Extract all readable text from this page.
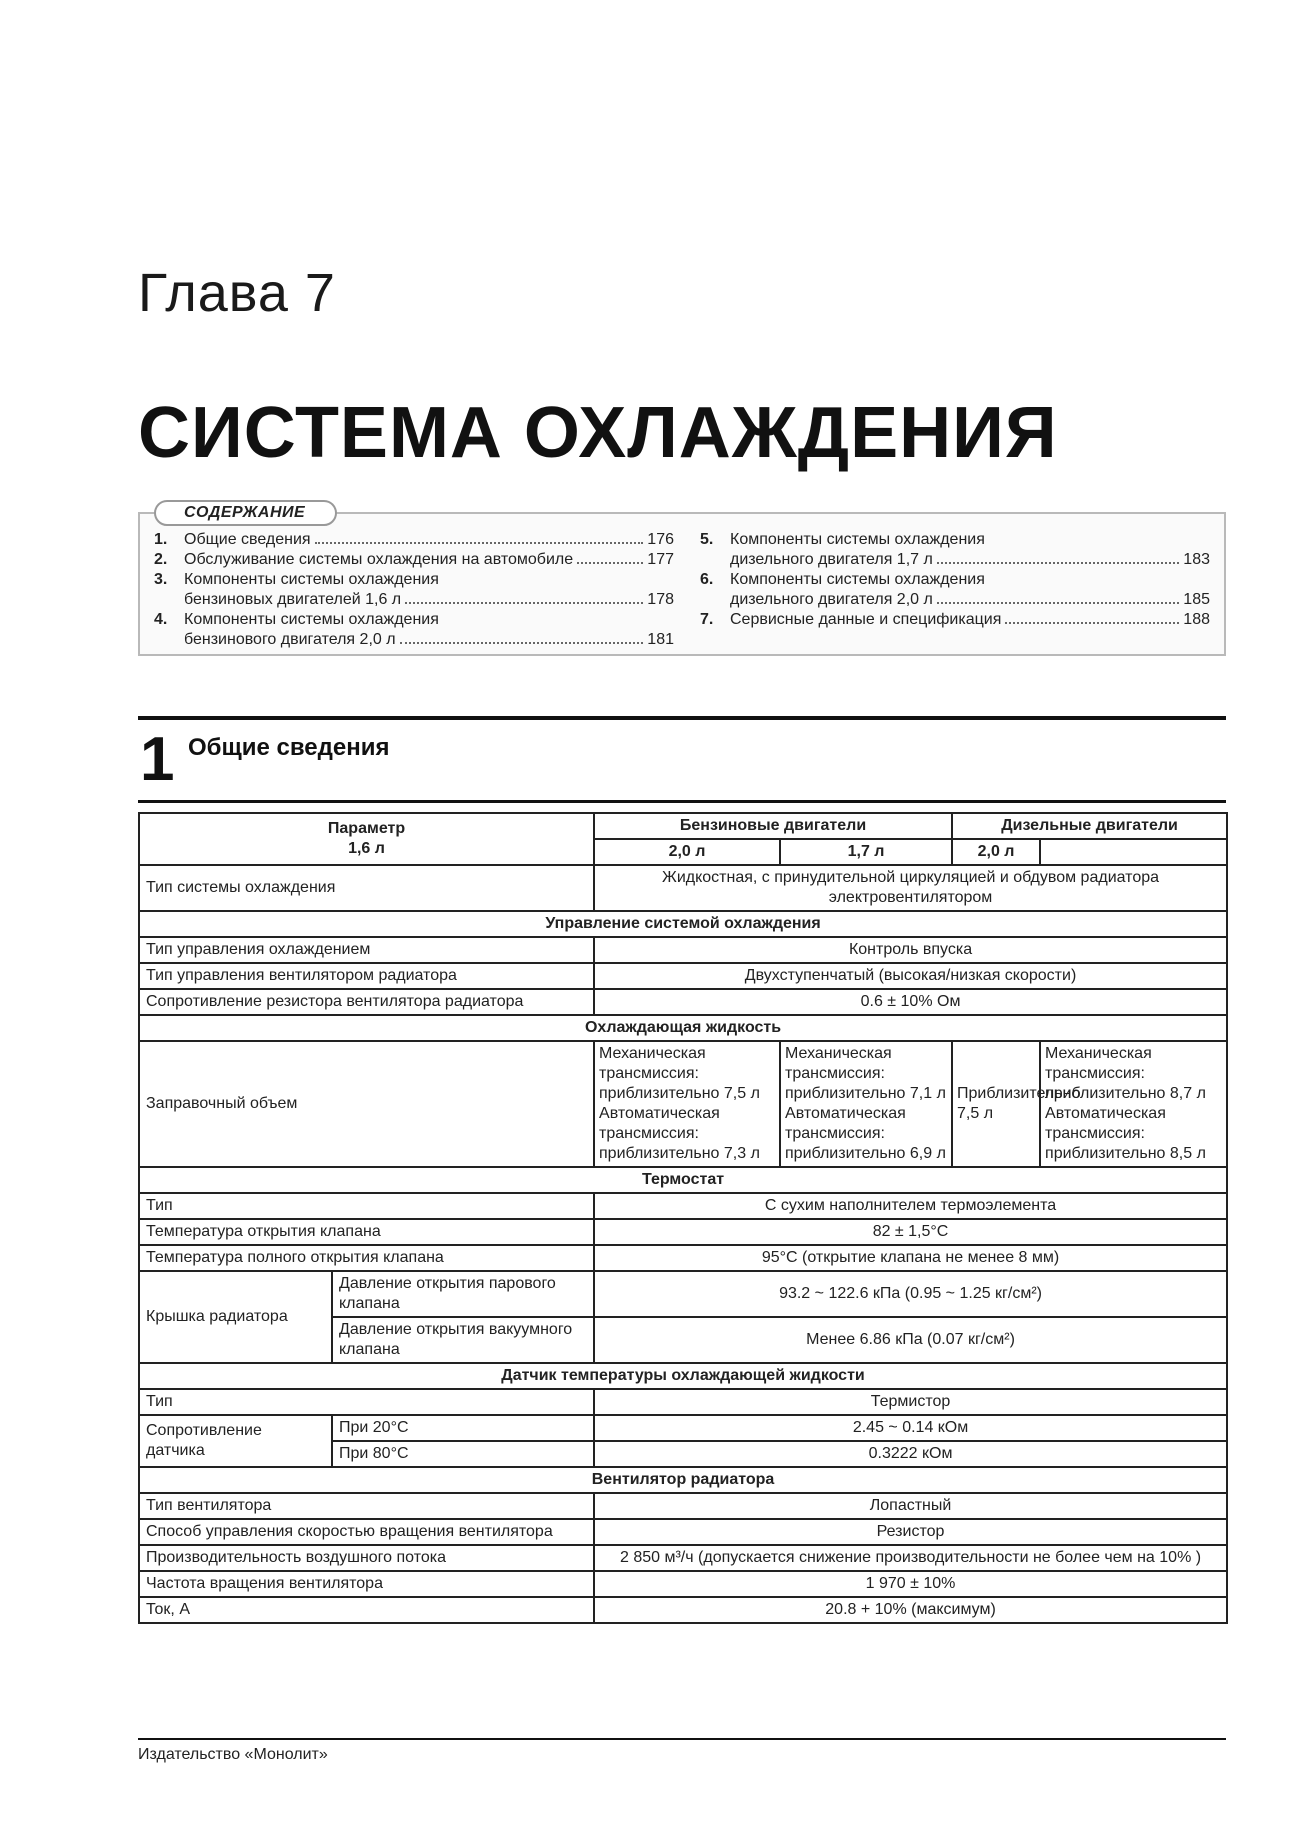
Глава 7
СИСТЕМА ОХЛАЖДЕНИЯ
СОДЕРЖАНИЕ
1. Общие сведения	176
2. Обслуживание системы охлаждения на автомобиле	177
3. Компоненты системы охлаждения
бензиновых двигателей 1,6 л	178
4. Компоненты системы охлаждения
бензинового двигателя 2,0 л	181
5. Компоненты системы охлаждения
дизельного двигателя 1,7 л	183
6. Компоненты системы охлаждения
дизельного двигателя 2,0 л	185
7. Сервисные данные и спецификация	188
1 Общие сведения
Параметр
1,6 л		Бензиновые двигатели		Дизельные двигатели	
		2,0 л	1,7 л	2,0 л	
Тип системы охлаждения		Жидкостная, с принудительной циркуляцией и обдувом радиатора электровентилятором			
Управление системой охлаждения					
Тип управления охлаждением		Контроль впуска			
Тип управления вентилятором радиатора		Двухступенчатый (высокая/низкая скорости)			
Сопротивление резистора вентилятора радиатора		0.6 ± 10% Ом			
Охлаждающая жидкость					
Заправочный объем		Механическая трансмиссия: приблизительно 7,5 л Автоматическая трансмиссия: приблизительно 7,3 л	Механическая трансмиссия: приблизительно 7,1 л Автоматическая трансмиссия: приблизительно 6,9 л	Приблизительно 7,5 л	Механическая трансмиссия: приблизительно 8,7 л Автоматическая трансмиссия: приблизительно 8,5 л
Термостат					
Тип		С сухим наполнителем термоэлемента			
Температура открытия клапана		82 ± 1,5°C			
Температура полного открытия клапана		95°C (открытие клапана не менее 8 мм)			
Крышка радиатора	Давление открытия парового клапана	93.2 ~ 122.6 кПа (0.95 ~ 1.25 кг/см²)			
	Давление открытия вакуумного клапана	Менее 6.86 кПа (0.07 кг/см²)			
Датчик температуры охлаждающей жидкости					
Тип		Термистор			
Сопротивление датчика	При 20°C	2.45 ~ 0.14 кОм			
	При 80°C	0.3222 кОм			
Вентилятор радиатора					
Тип вентилятора		Лопастный			
Способ управления скоростью вращения вентилятора		Резистор			
Производительность воздушного потока		2 850 м³/ч (допускается снижение производительности не более чем на 10% )			
Частота вращения вентилятора		1 970 ± 10%			
Ток, А		20.8 + 10% (максимум)			
Издательство «Монолит»
